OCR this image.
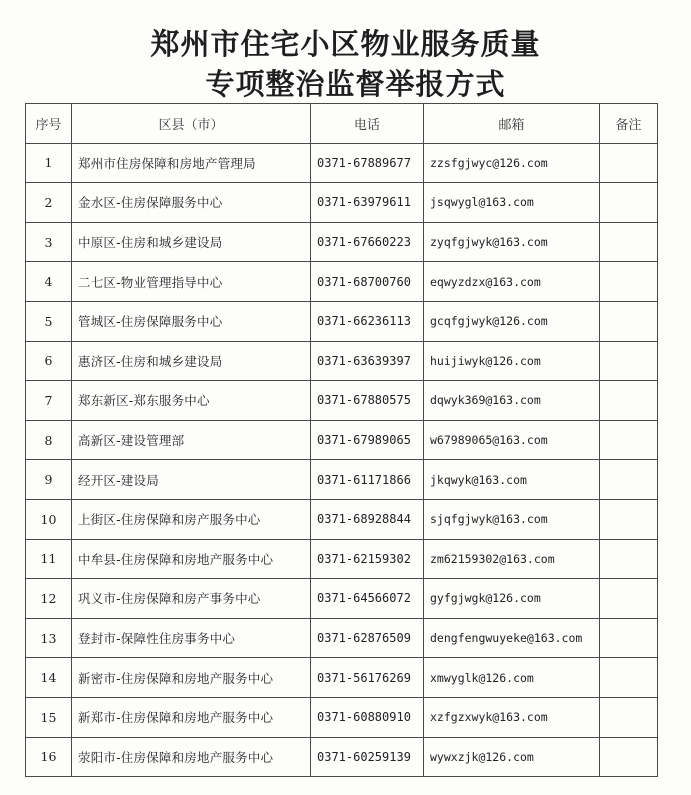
郑州市住宅小区物业服务质量
专项整治监督举报方式
序号	区县（市）	电话	邮箱	备注
1	郑州市住房保障和房地产管理局	0371-67889677	zzsfgjwyc@126.com	
2	金水区-住房保障服务中心	0371-63979611	jsqwygl@163.com	
3	中原区-住房和城乡建设局	0371-67660223	zyqfgjwyk@163.com	
4	二七区-物业管理指导中心	0371-68700760	eqwyzdzx@163.com	
5	管城区-住房保障服务中心	0371-66236113	gcqfgjwyk@126.com	
6	惠济区-住房和城乡建设局	0371-63639397	huijiwyk@126.com	
7	郑东新区-郑东服务中心	0371-67880575	dqwyk369@163.com	
8	高新区-建设管理部	0371-67989065	w67989065@163.com	
9	经开区-建设局	0371-61171866	jkqwyk@163.com	
10	上街区-住房保障和房产服务中心	0371-68928844	sjqfgjwyk@163.com	
11	中牟县-住房保障和房地产服务中心	0371-62159302	zm62159302@163.com	
12	巩义市-住房保障和房产事务中心	0371-64566072	gyfgjwgk@126.com	
13	登封市-保障性住房事务中心	0371-62876509	dengfengwuyeke@163.com	
14	新密市-住房保障和房地产服务中心	0371-56176269	xmwyglk@126.com	
15	新郑市-住房保障和房地产服务中心	0371-60880910	xzfgzxwyk@163.com	
16	荥阳市-住房保障和房地产服务中心	0371-60259139	wywxzjk@126.com	
